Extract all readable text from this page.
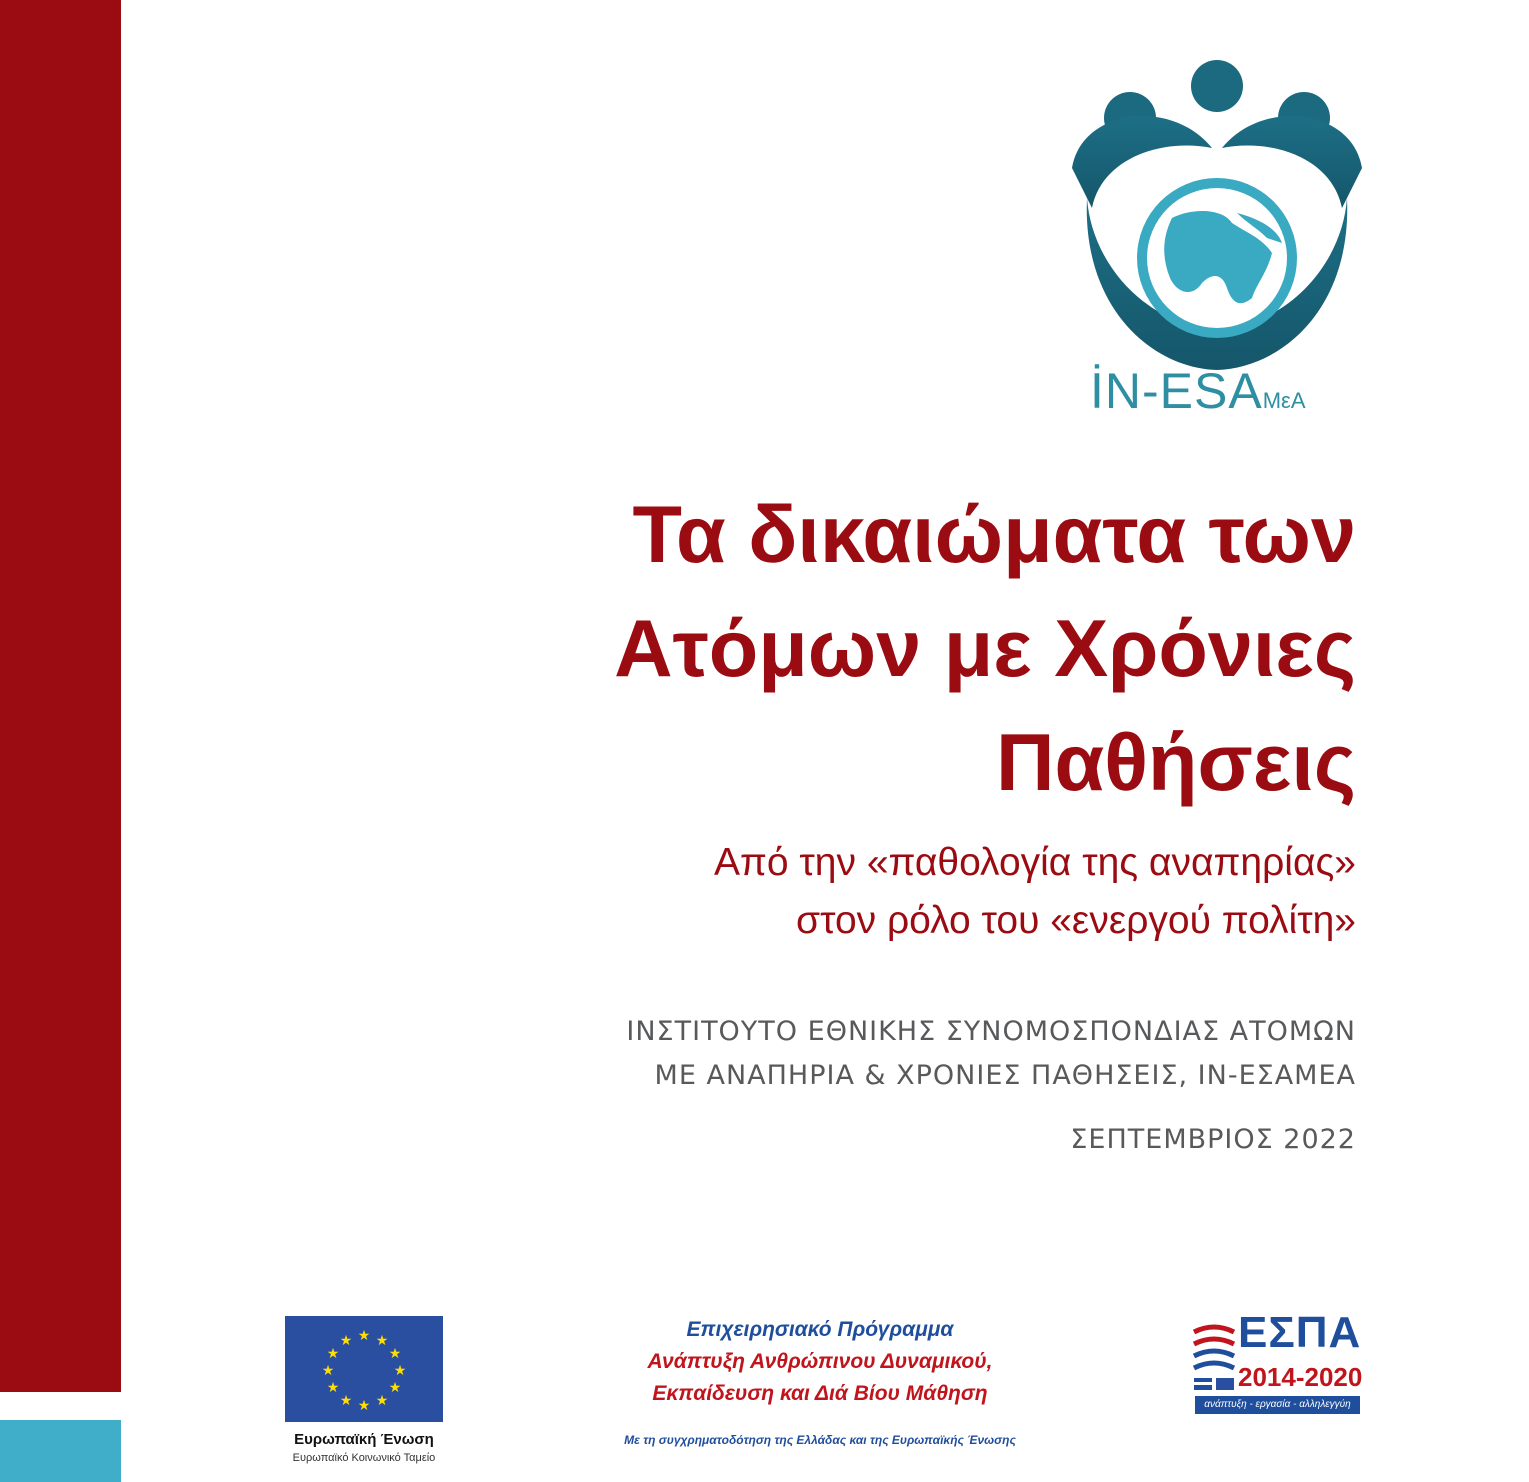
İN-ESAΜεΑ
Τα δικαιώματα των
Ατόμων με Χρόνιες
Παθήσεις
Από την «παθολογία της αναπηρίας»
στον ρόλο του «ενεργού πολίτη»
ΙΝΣΤΙΤΟΥΤΟ ΕΘΝΙΚΗΣ ΣΥΝΟΜΟΣΠΟΝΔΙΑΣ ΑΤΟΜΩΝ
ΜΕ ΑΝΑΠΗΡΙΑ & ΧΡΟΝΙΕΣ ΠΑΘΗΣΕΙΣ, ΙΝ-ΕΣΑΜΕΑ
ΣΕΠΤΕΜΒΡΙΟΣ 2022
★ ★
★
★
★
★
★
★
★
★
★
★
Ευρωπαϊκή Ένωση
Ευρωπαϊκό Κοινωνικό Ταμείο
Επιχειρησιακό Πρόγραμμα
Ανάπτυξη Ανθρώπινου Δυναμικού,
Εκπαίδευση και Διά Βίου Μάθηση
Με τη συγχρηματοδότηση της Ελλάδας και της Ευρωπαϊκής Ένωσης
ΕΣΠΑ
2014-2020
ανάπτυξη - εργασία - αλληλεγγύη
